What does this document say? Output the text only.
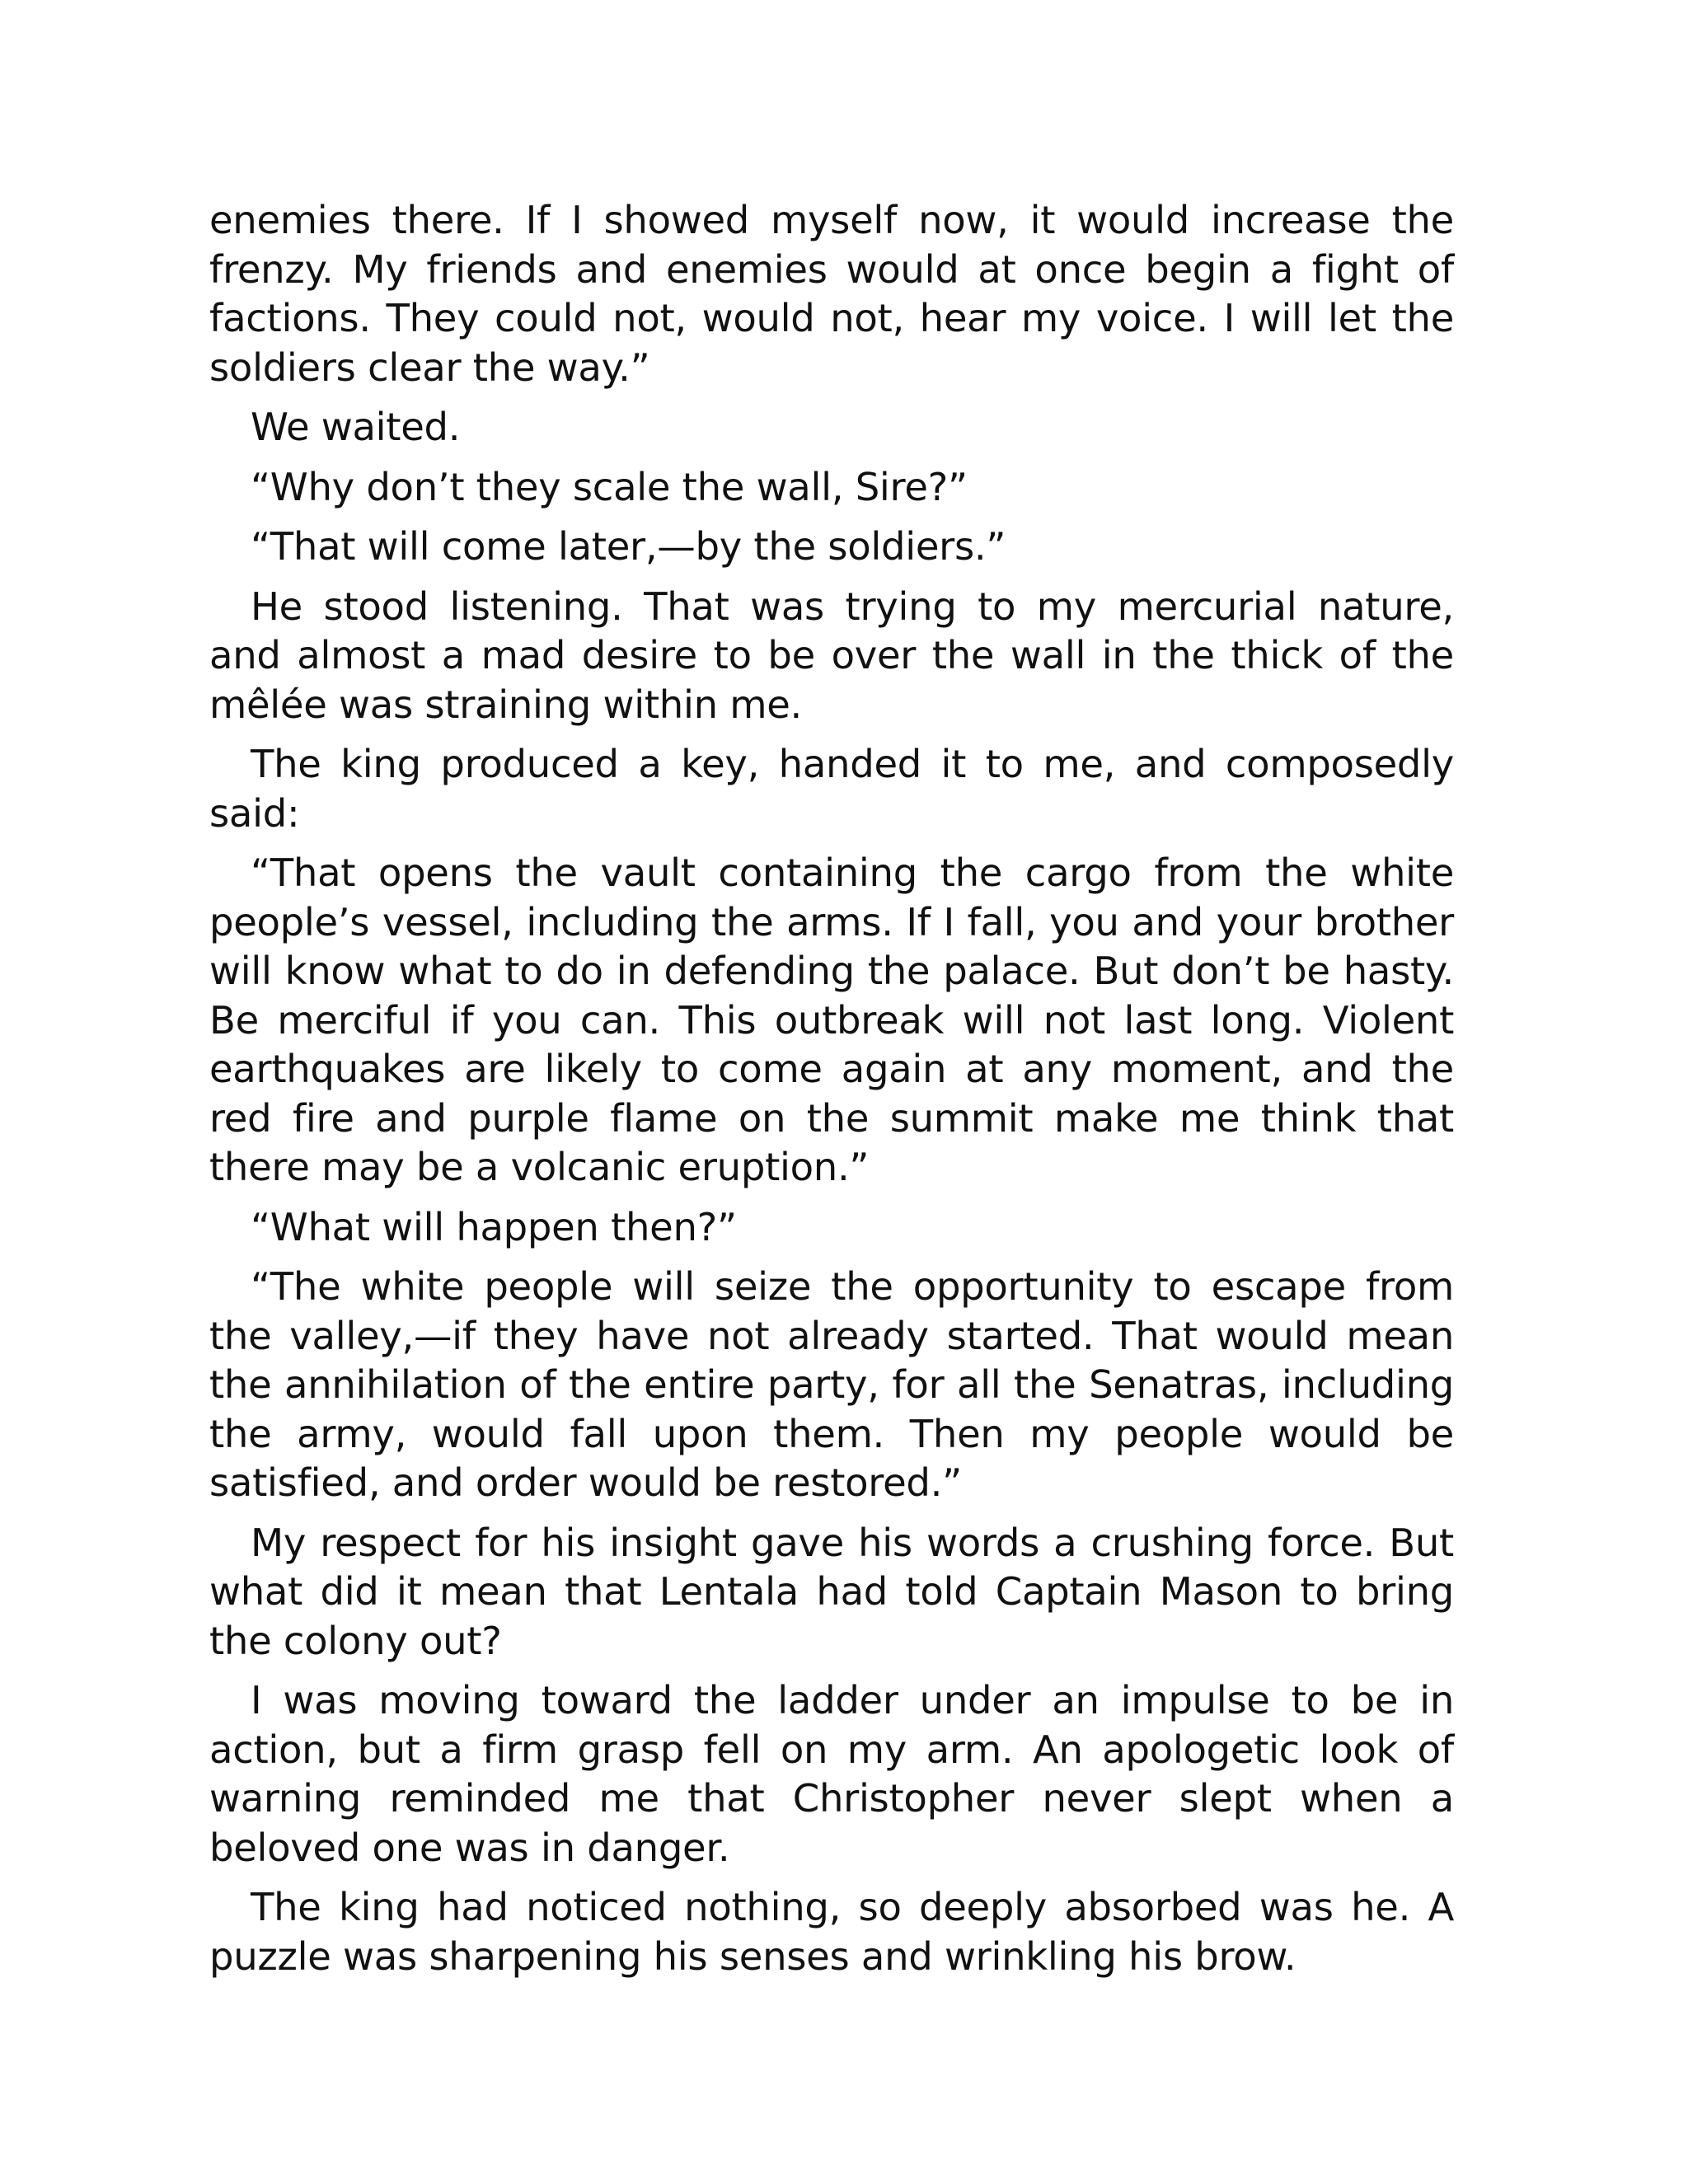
enemies there. If I showed myself now, it would increase the frenzy. My friends and enemies would at once begin a fight of factions. They could not, would not, hear my voice. I will let the soldiers clear the way.”

We waited.

“Why don’t they scale the wall, Sire?”

“That will come later,—by the soldiers.”

He stood listening. That was trying to my mercurial nature, and almost a mad desire to be over the wall in the thick of the mêlée was straining within me.

The king produced a key, handed it to me, and composedly said:

“That opens the vault containing the cargo from the white people’s vessel, including the arms. If I fall, you and your brother will know what to do in defending the palace. But don’t be hasty. Be merciful if you can. This outbreak will not last long. Violent earthquakes are likely to come again at any moment, and the red fire and purple flame on the summit make me think that there may be a volcanic eruption.”

“What will happen then?”

“The white people will seize the opportunity to escape from the valley,—if they have not already started. That would mean the annihilation of the entire party, for all the Senatras, including the army, would fall upon them. Then my people would be satisfied, and order would be restored.”

My respect for his insight gave his words a crushing force. But what did it mean that Lentala had told Captain Mason to bring the colony out?

I was moving toward the ladder under an impulse to be in action, but a firm grasp fell on my arm. An apologetic look of warning reminded me that Christopher never slept when a beloved one was in danger.

The king had noticed nothing, so deeply absorbed was he. A puzzle was sharpening his senses and wrinkling his brow.
